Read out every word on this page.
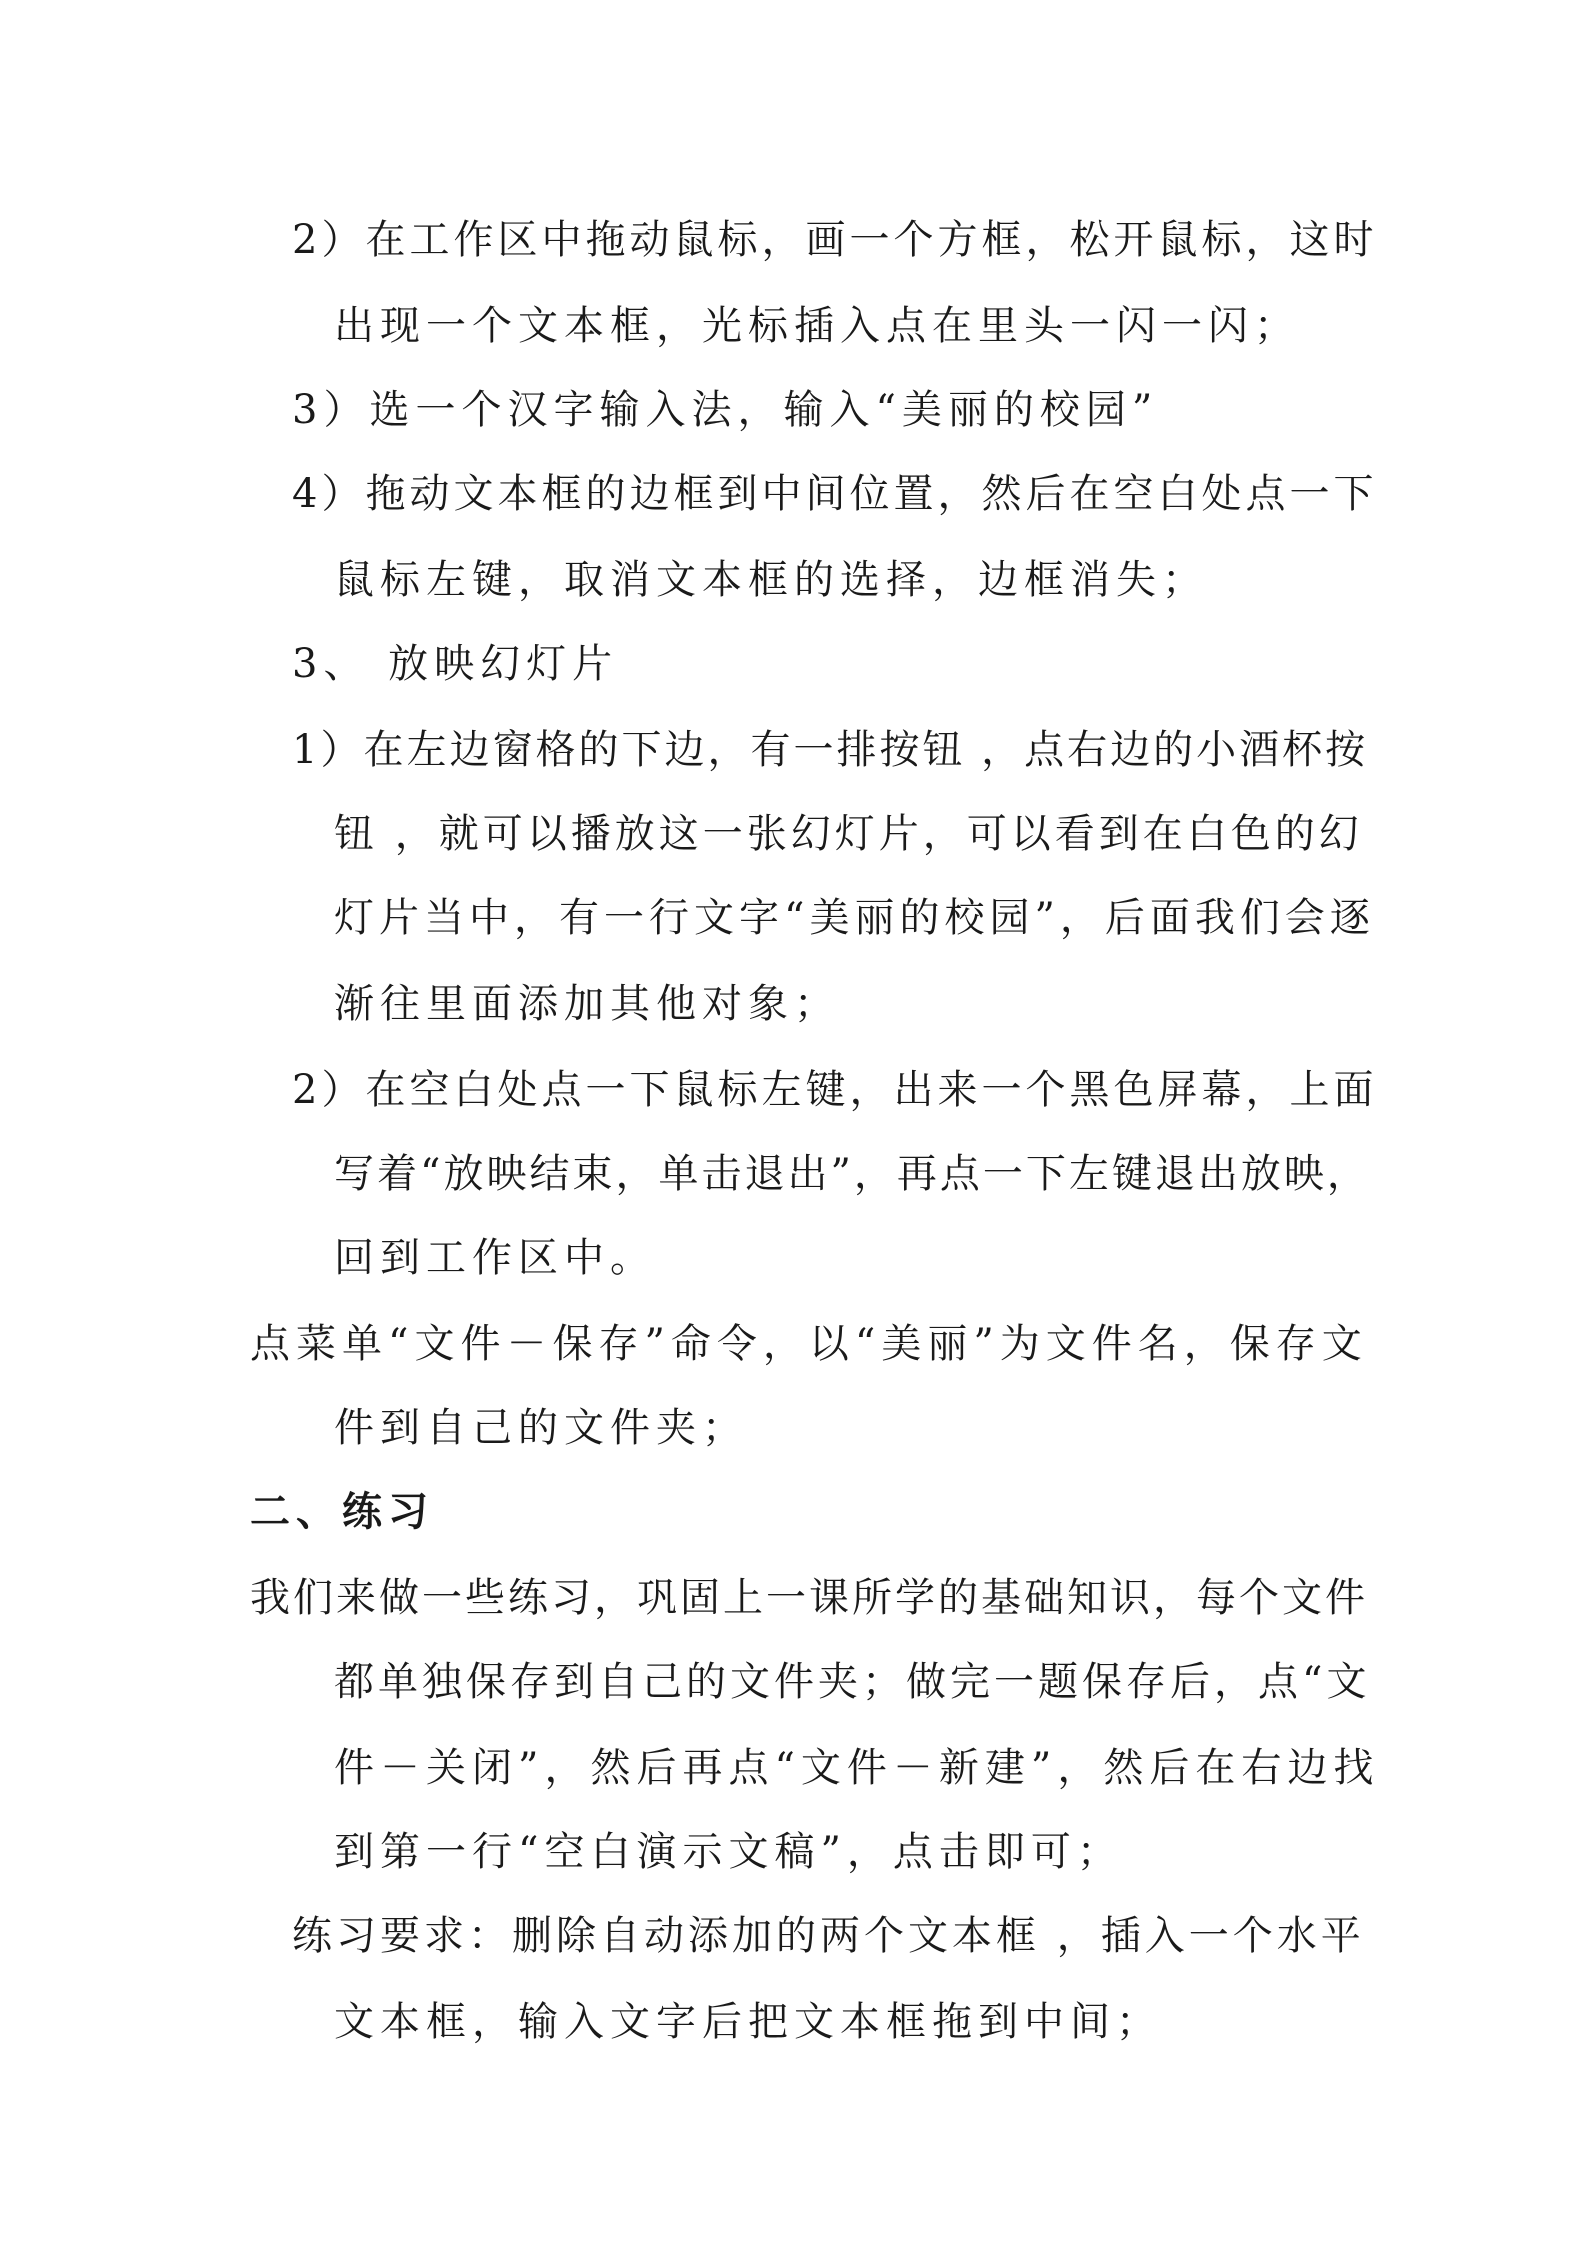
2）在工作区中拖动鼠标，画一个方框，松开鼠标，这时
出现一个文本框，光标插入点在里头一闪一闪；
3）选一个汉字输入法，输入“美丽的校园”
4）拖动文本框的边框到中间位置，然后在空白处点一下
鼠标左键，取消文本框的选择，边框消失；
3、 放映幻灯片
1）在左边窗格的下边，有一排按钮 ，点右边的小酒杯按
钮 ，就可以播放这一张幻灯片，可以看到在白色的幻
灯片当中，有一行文字“美丽的校园”，后面我们会逐
渐往里面添加其他对象；
2）在空白处点一下鼠标左键，出来一个黑色屏幕，上面
写着“放映结束，单击退出”，再点一下左键退出放映，
回到工作区中。
点菜单“文件－保存”命令，以“美丽”为文件名，保存文
件到自己的文件夹；
二、练习
我们来做一些练习，巩固上一课所学的基础知识，每个文件
都单独保存到自己的文件夹；做完一题保存后，点“文
件－关闭”，然后再点“文件－新建”，然后在右边找
到第一行“空白演示文稿”，点击即可；
练习要求：删除自动添加的两个文本框 ，插入一个水平
文本框，输入文字后把文本框拖到中间；
